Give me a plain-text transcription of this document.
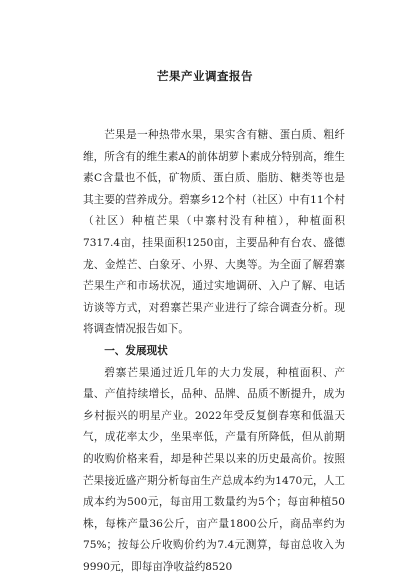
芒果产业调查报告

芒果是一种热带水果，果实含有糖、蛋白质、粗纤维，所含有的维生素A的前体胡萝卜素成分特别高，维生素C含量也不低，矿物质、蛋白质、脂肪、糖类等也是其主要的营养成分。碧寨乡12个村（社区）中有11个村（社区）种植芒果（中寨村没有种植），种植面积7317.4亩，挂果面积1250亩，主要品种有台农、盛德龙、金煌芒、白象牙、小界、大奥等。为全面了解碧寨芒果生产和市场状况，通过实地调研、入户了解、电话访谈等方式，对碧寨芒果产业进行了综合调查分析。现将调查情况报告如下。

一、发展现状

碧寨芒果通过近几年的大力发展，种植面积、产量、产值持续增长，品种、品牌、品质不断提升，成为乡村振兴的明星产业。2022年受反复倒春寒和低温天气，成花率太少，坐果率低，产量有所降低，但从前期的收购价格来看，却是种芒果以来的历史最高价。按照芒果接近盛产期分析每亩生产总成本约为1470元，人工成本约为500元，每亩用工数量约为5个；每亩种植50株，每株产量36公斤，亩产量1800公斤，商品率约为75%；按每公斤收购价约为7.4元测算，每亩总收入为9990元，即每亩净收益约8520
